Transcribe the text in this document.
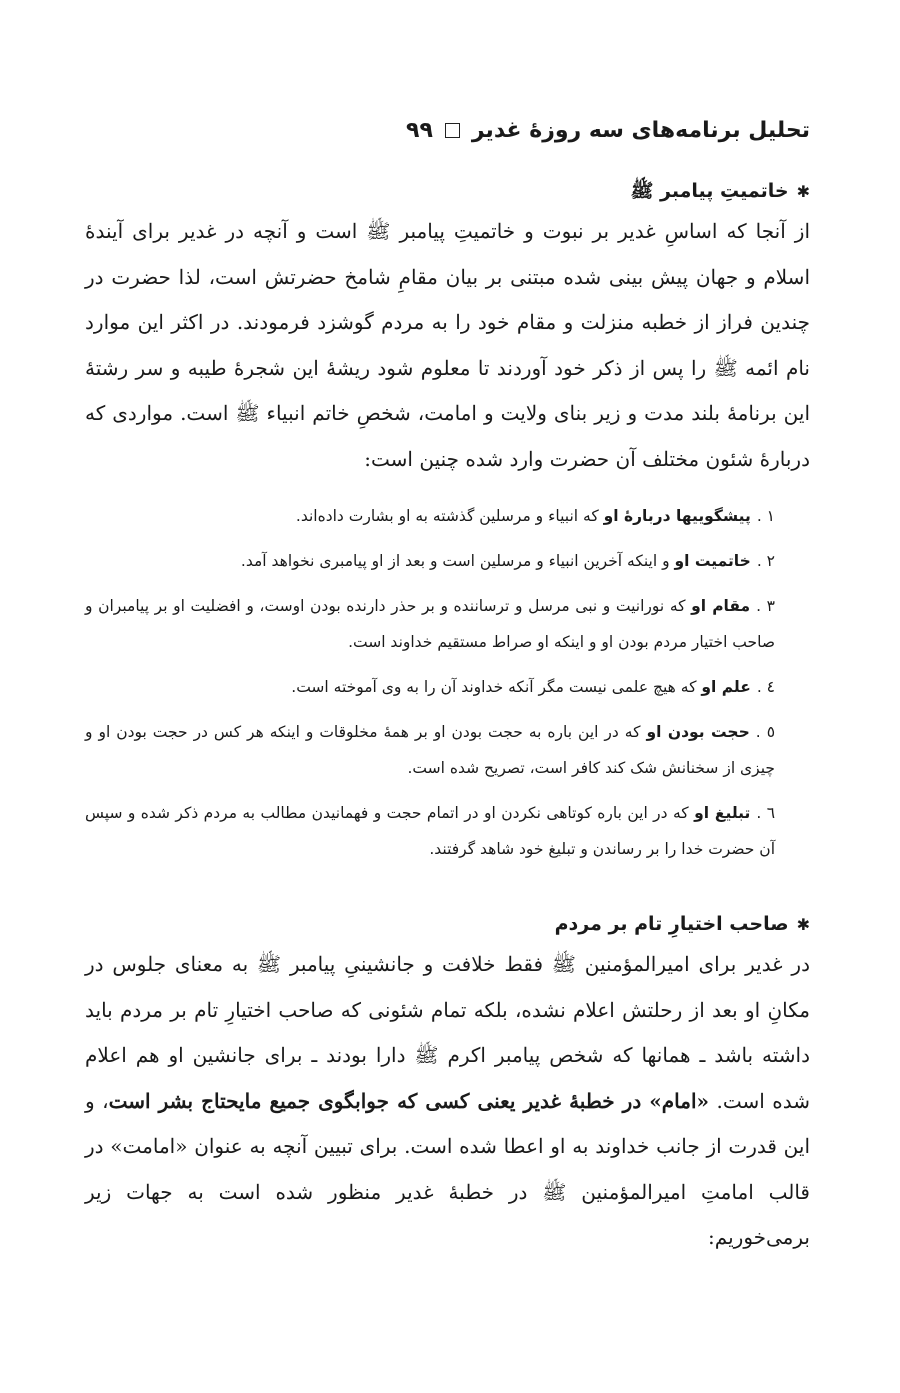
تحلیل برنامه‌های سه روزهٔ غدیر
۹۹
✱خاتمیتِ پیامبر ﷺ

از آنجا که اساسِ غدیر بر نبوت و خاتمیتِ پیامبر ﷺ است و آنچه در غدیر برای آیندهٔ اسلام و جهان پیش بینی شده مبتنی بر بیان مقامِ شامخ حضرتش است، لذا حضرت در چندین فراز از خطبه منزلت و مقام خود را به مردم گوشزد فرمودند. در اکثر این موارد نام ائمه ﷺ را پس از ذکر خود آوردند تا معلوم شود ریشهٔ این شجرهٔ طیبه و سر رشتهٔ این برنامهٔ بلند مدت و زیر بنای ولایت و امامت، شخصِ خاتم انبیاء ﷺ است. مواردی که دربارهٔ شئون مختلف آن حضرت وارد شده چنین است:

۱ .پیشگوییها دربارهٔ او که انبیاء و مرسلین گذشته به او بشارت داده‌اند.
۲ .خاتمیت او و اینکه آخرین انبیاء و مرسلین است و بعد از او پیامبری نخواهد آمد.
۳ .مقام او که نورانیت و نبی مرسل و ترساننده و بر حذر دارنده بودن اوست، و افضلیت او بر پیامبران و صاحب اختیار مردم بودن او و اینکه او صراط مستقیم خداوند است.
٤ .علم او که هیچ علمی نیست مگر آنکه خداوند آن را به وی آموخته است.
٥ .حجت بودن او که در این باره به حجت بودن او بر همهٔ مخلوقات و اینکه هر کس در حجت بودن او و چیزی از سخنانش شک کند کافر است، تصریح شده است.
٦ .تبلیغ او که در این باره کوتاهی نکردن او در اتمام حجت و فهمانیدن مطالب به مردم ذکر شده و سپس آن حضرت خدا را بر رساندن و تبلیغ خود شاهد گرفتند.
✱صاحب اختیارِ تام بر مردم

در غدیر برای امیرالمؤمنین ﷺ فقط خلافت و جانشینیِ پیامبر ﷺ به معنای جلوس در مکانِ او بعد از رحلتش اعلام نشده، بلکه تمام شئونی که صاحب اختیارِ تام بر مردم باید داشته باشد ـ همانها که شخص پیامبر اکرم ﷺ دارا بودند ـ برای جانشین او هم اعلام شده است. «امام» در خطبهٔ غدیر یعنی کسی که جوابگوی جمیع مایحتاج بشر است، و این قدرت از جانب خداوند به او اعطا شده است. برای تبیین آنچه به عنوان «امامت» در قالب امامتِ امیرالمؤمنین ﷺ در خطبهٔ غدیر منظور شده است به جهات زیر برمی‌خوریم:
